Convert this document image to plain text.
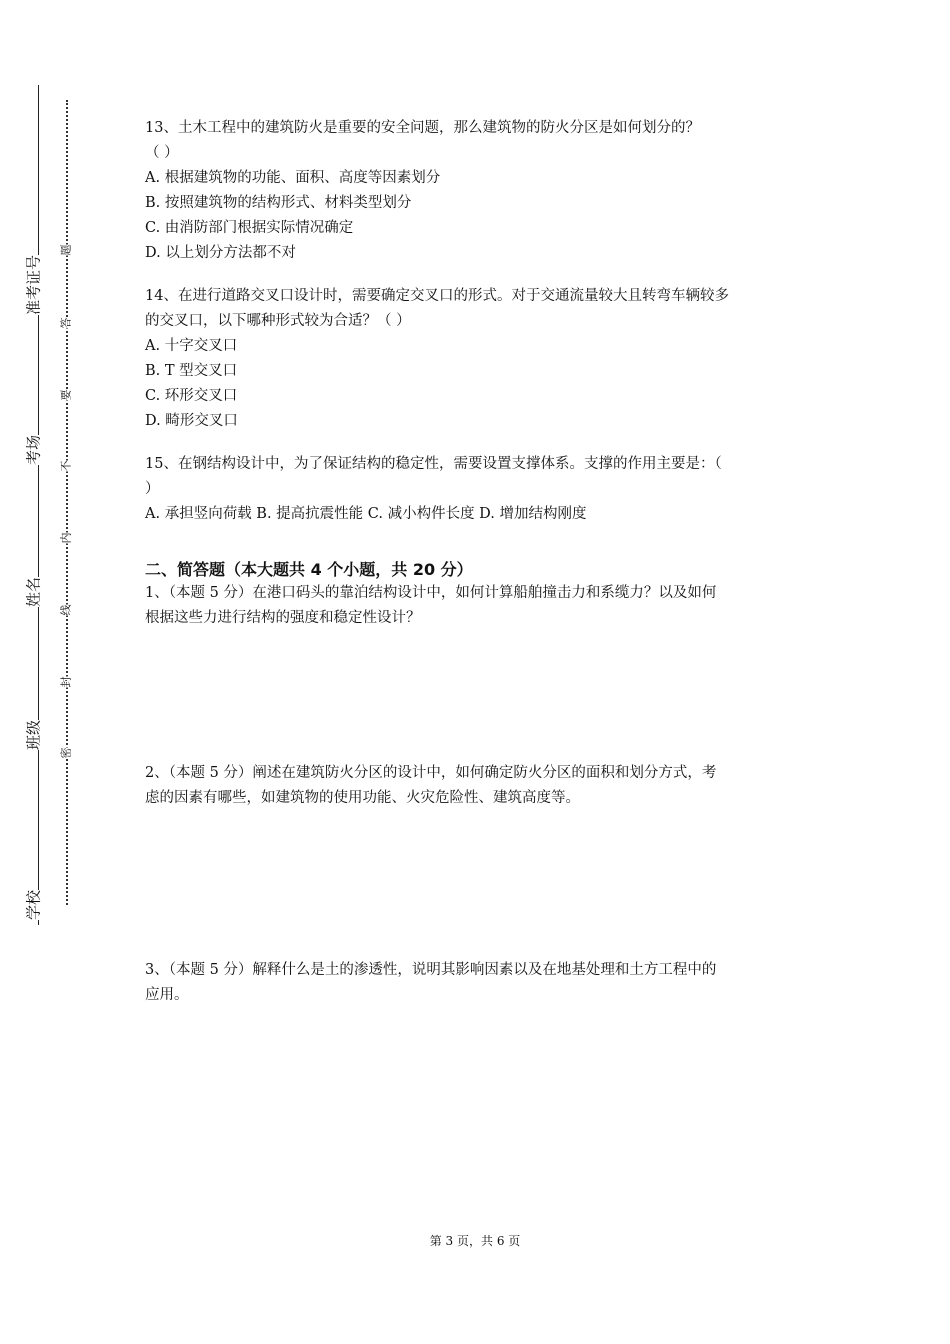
准考证号
考场
姓名
班级
学校
题
答
要
不
内
线
封
密
13、土木工程中的建筑防火是重要的安全问题，那么建筑物的防火分区是如何划分的？
（ ）
A. 根据建筑物的功能、面积、高度等因素划分
B. 按照建筑物的结构形式、材料类型划分
C. 由消防部门根据实际情况确定
D. 以上划分方法都不对
14、在进行道路交叉口设计时，需要确定交叉口的形式。对于交通流量较大且转弯车辆较多
的交叉口，以下哪种形式较为合适？（ ）
A. 十字交叉口
B. T 型交叉口
C. 环形交叉口
D. 畸形交叉口
15、在钢结构设计中，为了保证结构的稳定性，需要设置支撑体系。支撑的作用主要是：（
）
A. 承担竖向荷载 B. 提高抗震性能 C. 减小构件长度 D. 增加结构刚度
二、简答题（本大题共 4 个小题，共 20 分）
1、（本题 5 分）在港口码头的靠泊结构设计中，如何计算船舶撞击力和系缆力？以及如何
根据这些力进行结构的强度和稳定性设计？
2、（本题 5 分）阐述在建筑防火分区的设计中，如何确定防火分区的面积和划分方式，考
虑的因素有哪些，如建筑物的使用功能、火灾危险性、建筑高度等。
3、（本题 5 分）解释什么是土的渗透性，说明其影响因素以及在地基处理和土方工程中的
应用。
第 3 页，共 6 页
